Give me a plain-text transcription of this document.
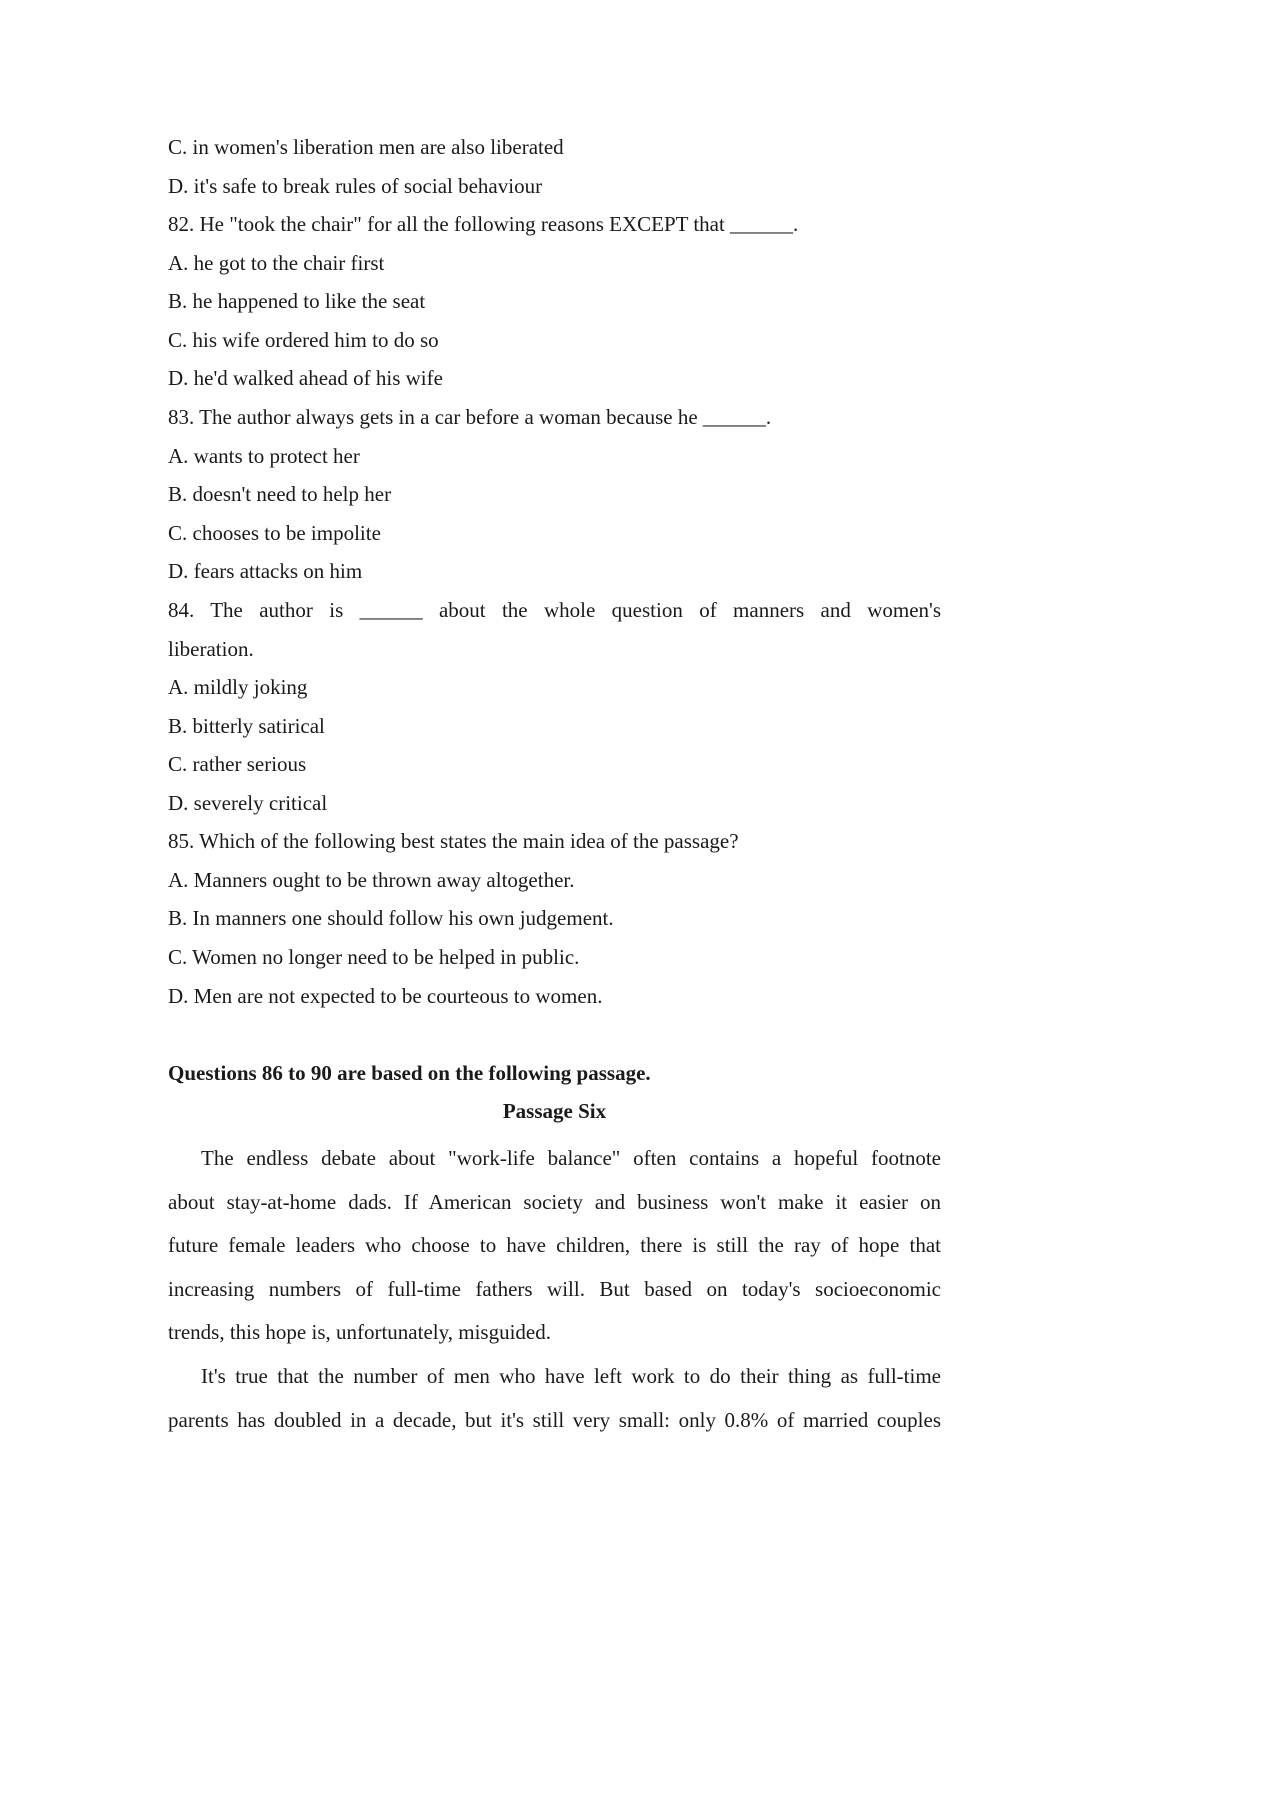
C. in women's liberation men are also liberated
D. it's safe to break rules of social behaviour
82. He "took the chair" for all the following reasons EXCEPT that ______.
A. he got to the chair first
B. he happened to like the seat
C. his wife ordered him to do so
D. he'd walked ahead of his wife
83. The author always gets in a car before a woman because he ______.
A. wants to protect her
B. doesn't need to help her
C. chooses to be impolite
D. fears attacks on him
84. The author is ______ about the whole question of manners and women's
liberation.
A. mildly joking
B. bitterly satirical
C. rather serious
D. severely critical
85. Which of the following best states the main idea of the passage?
A. Manners ought to be thrown away altogether.
B. In manners one should follow his own judgement.
C. Women no longer need to be helped in public.
D. Men are not expected to be courteous to women.
Questions 86 to 90 are based on the following passage.
Passage Six
The endless debate about "work-life balance" often contains a hopeful footnote
about stay-at-home dads. If American society and business won't make it easier on
future female leaders who choose to have children, there is still the ray of hope that
increasing numbers of full-time fathers will. But based on today's socioeconomic
trends, this hope is, unfortunately, misguided.
It's true that the number of men who have left work to do their thing as full-time
parents has doubled in a decade, but it's still very small: only 0.8% of married couples
